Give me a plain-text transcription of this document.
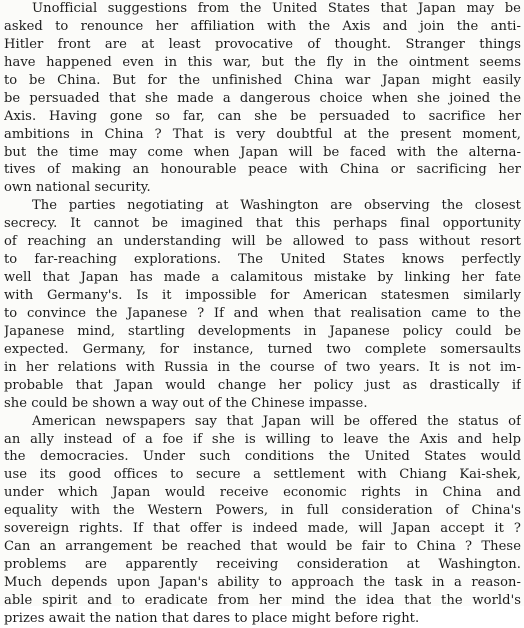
Unofficial suggestions from the United States that Japan may be
asked to renounce her affiliation with the Axis and join the anti-
Hitler front are at least provocative of thought. Stranger things
have happened even in this war, but the fly in the ointment seems
to be China. But for the unfinished China war Japan might easily
be persuaded that she made a dangerous choice when she joined the
Axis. Having gone so far, can she be persuaded to sacrifice her
ambitions in China ? That is very doubtful at the present moment,
but the time may come when Japan will be faced with the alterna-
tives of making an honourable peace with China or sacrificing her
own national security.
The parties negotiating at Washington are observing the closest
secrecy. It cannot be imagined that this perhaps final opportunity
of reaching an understanding will be allowed to pass without resort
to far-reaching explorations. The United States knows perfectly
well that Japan has made a calamitous mistake by linking her fate
with Germany's. Is it impossible for American statesmen similarly
to convince the Japanese ? If and when that realisation came to the
Japanese mind, startling developments in Japanese policy could be
expected. Germany, for instance, turned two complete somersaults
in her relations with Russia in the course of two years. It is not im-
probable that Japan would change her policy just as drastically if
she could be shown a way out of the Chinese impasse.
American newspapers say that Japan will be offered the status of
an ally instead of a foe if she is willing to leave the Axis and help
the democracies. Under such conditions the United States would
use its good offices to secure a settlement with Chiang Kai-shek,
under which Japan would receive economic rights in China and
equality with the Western Powers, in full consideration of China's
sovereign rights. If that offer is indeed made, will Japan accept it ?
Can an arrangement be reached that would be fair to China ? These
problems are apparently receiving consideration at Washington.
Much depends upon Japan's ability to approach the task in a reason-
able spirit and to eradicate from her mind the idea that the world's
prizes await the nation that dares to place might before right.
